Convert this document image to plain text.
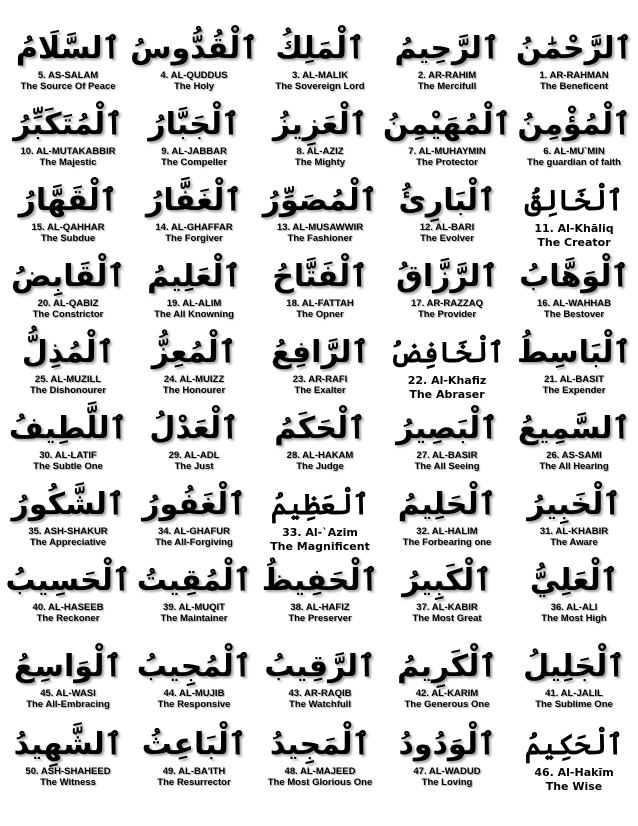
ٱلرَّحْمَٰنُ
1. AR-RAHMAN
The Beneficent
ٱلرَّحِيمُ
2. AR-RAHIM
The Mercifull
ٱلْمَلِكُ
3. AL-MALIK
The Sovereign Lord
ٱلْقُدُّوسُ
4. AL-QUDDUS
The Holy
ٱلسَّلَامُ
5. AS-SALAM
The Source Of Peace
ٱلْمُؤْمِنُ
6. AL-MU`MIN
The guardian of faith
ٱلْمُهَيْمِنُ
7. AL-MUHAYMIN
The Protector
ٱلْعَزِيزُ
8. AL-AZIZ
The Mighty
ٱلْجَبَّارُ
9. AL-JABBAR
The Compeller
ٱلْمُتَكَبِّرُ
10. AL-MUTAKABBIR
The Majestic
ٱلْخَالِقُ
11. Al-Khāliq
The Creator
ٱلْبَارِئُ
12. AL-BARI
The Evolver
ٱلْمُصَوِّرُ
13. AL-MUSAWWIR
The Fashioner
ٱلْغَفَّارُ
14. AL-GHAFFAR
The Forgiver
ٱلْقَهَّارُ
15. AL-QAHHAR
The Subdue
ٱلْوَهَّابُ
16. AL-WAHHAB
The Bestover
ٱلرَّزَّاقُ
17. AR-RAZZAQ
The Provider
ٱلْفَتَّاحُ
18. AL-FATTAH
The Opner
ٱلْعَلِيمُ
19. AL-ALIM
The All Knowning
ٱلْقَابِضُ
20. AL-QABIZ
The Constrictor
ٱلْبَاسِطُ
21. AL-BASIT
The Expender
ٱلْخَافِضُ
22. Al-Khafiz
The Abraser
ٱلرَّافِعُ
23. AR-RAFI
The Exalter
ٱلْمُعِزُّ
24. AL-MUIZZ
The Honourer
ٱلْمُذِلُّ
25. AL-MUZILL
The Dishonourer
ٱلسَّمِيعُ
26. AS-SAMI
The All Hearing
ٱلْبَصِيرُ
27. AL-BASIR
The All Seeing
ٱلْحَكَمُ
28. AL-HAKAM
The Judge
ٱلْعَدْلُ
29. AL-ADL
The Just
ٱللَّطِيفُ
30. AL-LATIF
The Subtle One
ٱلْخَبِيرُ
31. AL-KHABIR
The Aware
ٱلْحَلِيمُ
32. AL-HALIM
The Forbearing one
ٱلْعَظِيمُ
33. Al-`Azim
The Magnificent
ٱلْغَفُورُ
34. AL-GHAFUR
The All-Forgiving
ٱلشَّكُورُ
35. ASH-SHAKUR
The Appreciative
ٱلْعَلِيُّ
36. AL-ALI
The Most High
ٱلْكَبِيرُ
37. AL-KABIR
The Most Great
ٱلْحَفِيظُ
38. AL-HAFIZ
The Preserver
ٱلْمُقِيتُ
39. AL-MUQIT
The Maintainer
ٱلْحَسِيبُ
40. AL-HASEEB
The Reckoner
ٱلْجَلِيلُ
41. AL-JALIL
The Sublime One
ٱلْكَرِيمُ
42. AL-KARIM
The Generous One
ٱلرَّقِيبُ
43. AR-RAQIB
The Watchfull
ٱلْمُجِيبُ
44. AL-MUJIB
The Responsive
ٱلْوَاسِعُ
45. AL-WASI
The All-Embracing
ٱلْحَكِيمُ
46. Al-Hakīm
The Wise
ٱلْوَدُودُ
47. AL-WADUD
The Loving
ٱلْمَجِيدُ
48. AL-MAJEED
The Most Glorious One
ٱلْبَاعِثُ
49. AL-BA'ITH
The Resurrector
ٱلشَّهِيدُ
50. ASH-SHAHEED
The Witness
